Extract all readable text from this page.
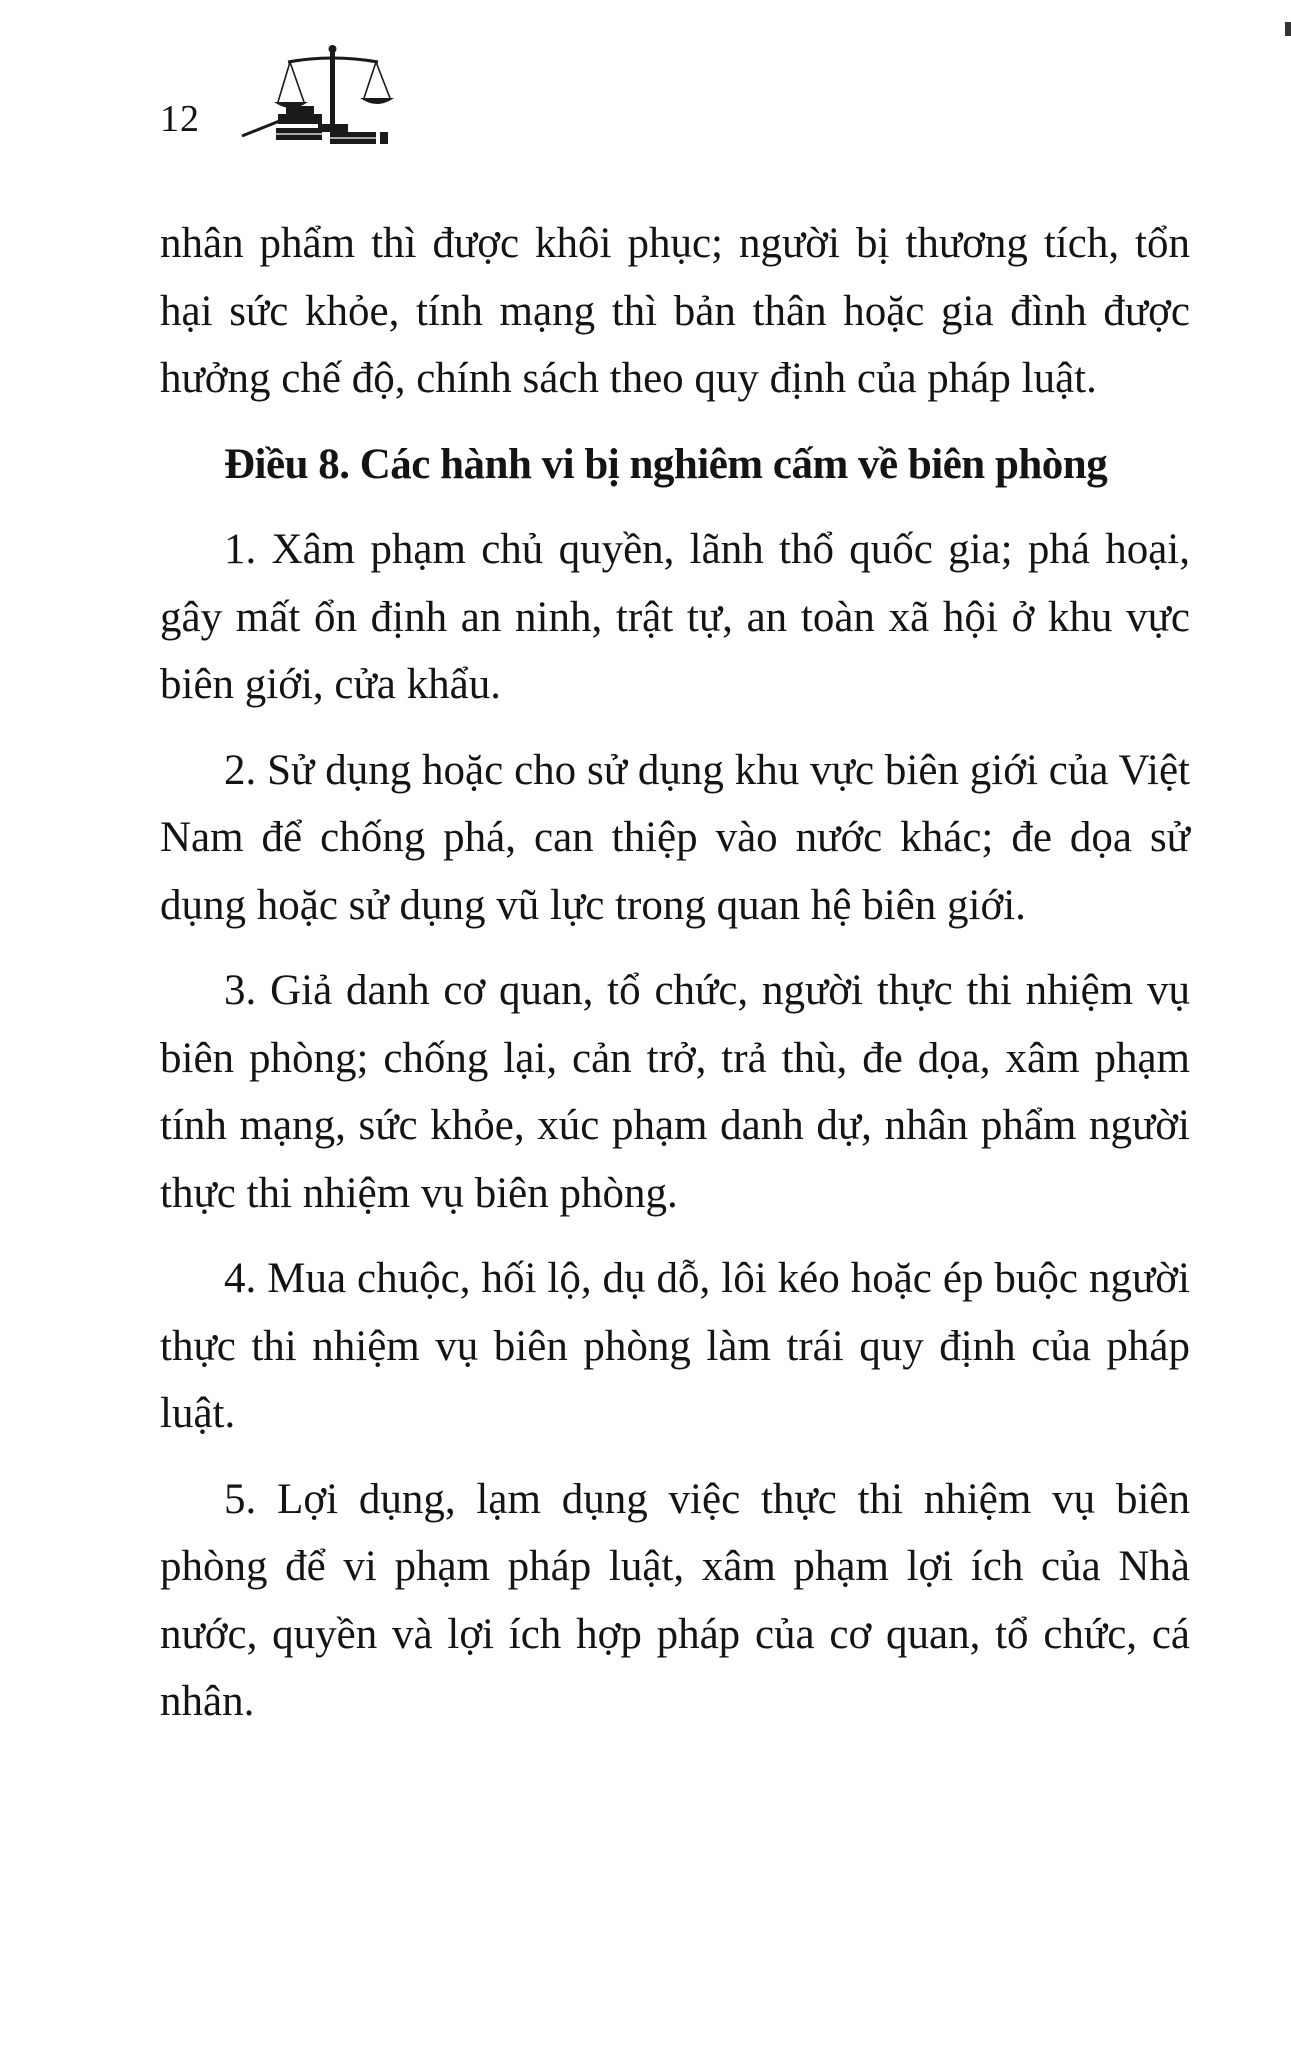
12

nhân phẩm thì được khôi phục; người bị thương tích, tổn hại sức khỏe, tính mạng thì bản thân hoặc gia đình được hưởng chế độ, chính sách theo quy định của pháp luật.

Điều 8. Các hành vi bị nghiêm cấm về biên phòng

1. Xâm phạm chủ quyền, lãnh thổ quốc gia; phá hoại, gây mất ổn định an ninh, trật tự, an toàn xã hội ở khu vực biên giới, cửa khẩu.

2. Sử dụng hoặc cho sử dụng khu vực biên giới của Việt Nam để chống phá, can thiệp vào nước khác; đe dọa sử dụng hoặc sử dụng vũ lực trong quan hệ biên giới.

3. Giả danh cơ quan, tổ chức, người thực thi nhiệm vụ biên phòng; chống lại, cản trở, trả thù, đe dọa, xâm phạm tính mạng, sức khỏe, xúc phạm danh dự, nhân phẩm người thực thi nhiệm vụ biên phòng.

4. Mua chuộc, hối lộ, dụ dỗ, lôi kéo hoặc ép buộc người thực thi nhiệm vụ biên phòng làm trái quy định của pháp luật.

5. Lợi dụng, lạm dụng việc thực thi nhiệm vụ biên phòng để vi phạm pháp luật, xâm phạm lợi ích của Nhà nước, quyền và lợi ích hợp pháp của cơ quan, tổ chức, cá nhân.
